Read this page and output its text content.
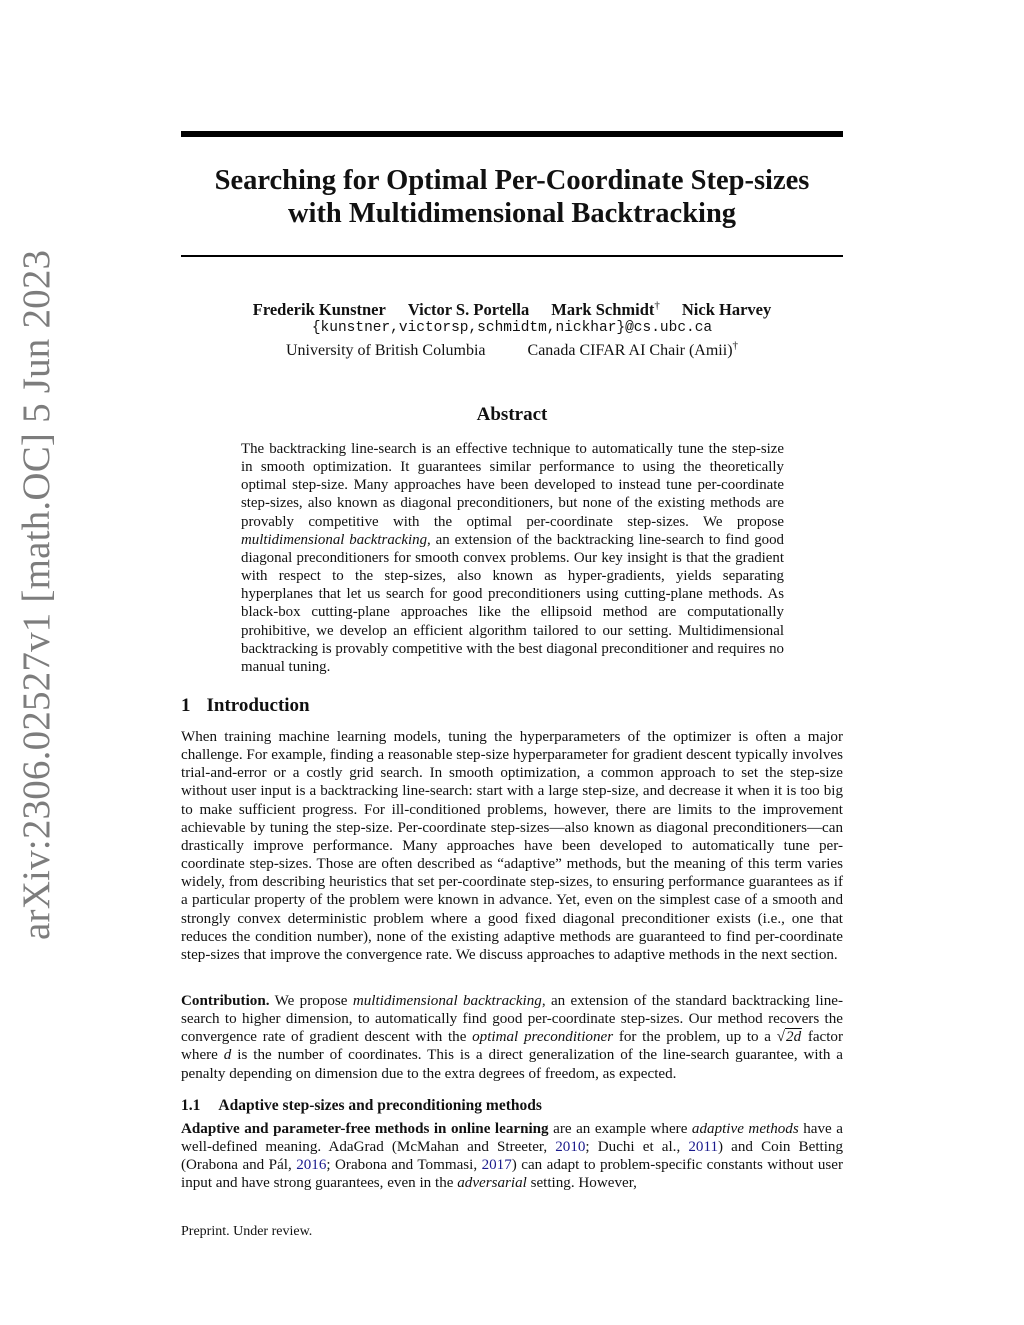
arXiv:2306.02527v1 [math.OC] 5 Jun 2023
Searching for Optimal Per-Coordinate Step-sizes
with Multidimensional Backtracking
Frederik Kunstner Victor S. Portella Mark Schmidt† Nick Harvey
{kunstner,victorsp,schmidtm,nickhar}@cs.ubc.ca
University of British Columbia	Canada CIFAR AI Chair (Amii)†
Abstract
The backtracking line-search is an effective technique to automatically tune the step-size in smooth optimization. It guarantees similar performance to using the theoretically optimal step-size. Many approaches have been developed to instead tune per-coordinate step-sizes, also known as diagonal preconditioners, but none of the existing methods are provably competitive with the optimal per-coordinate step-sizes. We propose multidimensional backtracking, an extension of the backtracking line-search to find good diagonal preconditioners for smooth convex problems. Our key insight is that the gradient with respect to the step-sizes, also known as hyper-gradients, yields separating hyperplanes that let us search for good preconditioners using cutting-plane methods. As black-box cutting-plane approaches like the ellipsoid method are computationally prohibitive, we develop an efficient algorithm tailored to our setting. Multidimensional backtracking is provably competitive with the best diagonal preconditioner and requires no manual tuning.
1 Introduction
When training machine learning models, tuning the hyperparameters of the optimizer is often a major challenge. For example, finding a reasonable step-size hyperparameter for gradient descent typically involves trial-and-error or a costly grid search. In smooth optimization, a common approach to set the step-size without user input is a backtracking line-search: start with a large step-size, and decrease it when it is too big to make sufficient progress. For ill-conditioned problems, however, there are limits to the improvement achievable by tuning the step-size. Per-coordinate step-sizes—also known as diagonal preconditioners—can drastically improve performance. Many approaches have been developed to automatically tune per-coordinate step-sizes. Those are often described as “adaptive” methods, but the meaning of this term varies widely, from describing heuristics that set per-coordinate step-sizes, to ensuring performance guarantees as if a particular property of the problem were known in advance. Yet, even on the simplest case of a smooth and strongly convex deterministic problem where a good fixed diagonal preconditioner exists (i.e., one that reduces the condition number), none of the existing adaptive methods are guaranteed to find per-coordinate step-sizes that improve the convergence rate. We discuss approaches to adaptive methods in the next section.
Contribution. We propose multidimensional backtracking, an extension of the standard backtracking line-search to higher dimension, to automatically find good per-coordinate step-sizes. Our method recovers the convergence rate of gradient descent with the optimal preconditioner for the problem, up to a √2d factor where d is the number of coordinates. This is a direct generalization of the line-search guarantee, with a penalty depending on dimension due to the extra degrees of freedom, as expected.
1.1 Adaptive step-sizes and preconditioning methods
Adaptive and parameter-free methods in online learning are an example where adaptive methods have a well-defined meaning. AdaGrad (McMahan and Streeter, 2010; Duchi et al., 2011) and Coin Betting (Orabona and Pál, 2016; Orabona and Tommasi, 2017) can adapt to problem-specific constants without user input and have strong guarantees, even in the adversarial setting. However,
Preprint. Under review.
